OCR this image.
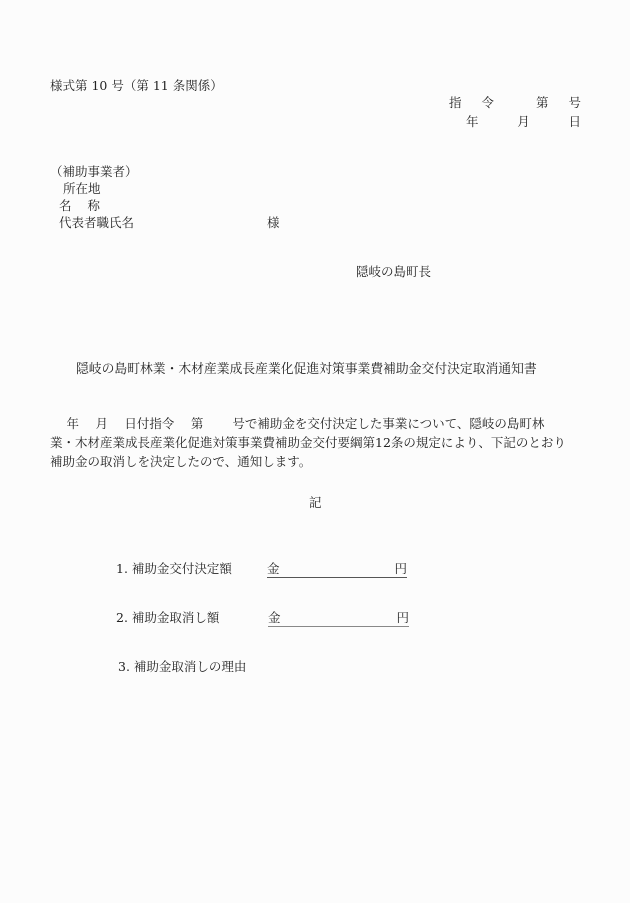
様式第 10 号（第 11 条関係）
指 令	第 号
年	月	日
（補助事業者）
所在地
名 称
代表者職氏名	様
隠岐の島町長
隠岐の島町林業・木材産業成長産業化促進対策事業費補助金交付決定取消通知書
　 年　 月　 日付指令　 第　　 号で補助金を交付決定した事業について、隠岐の島町林
業・木材産業成長産業化促進対策事業費補助金交付要綱第12条の規定により、下記のとおり
補助金の取消しを決定したので、通知します。
記
1. 補助金交付決定額	金	円
2. 補助金取消し額	金	円
3. 補助金取消しの理由
